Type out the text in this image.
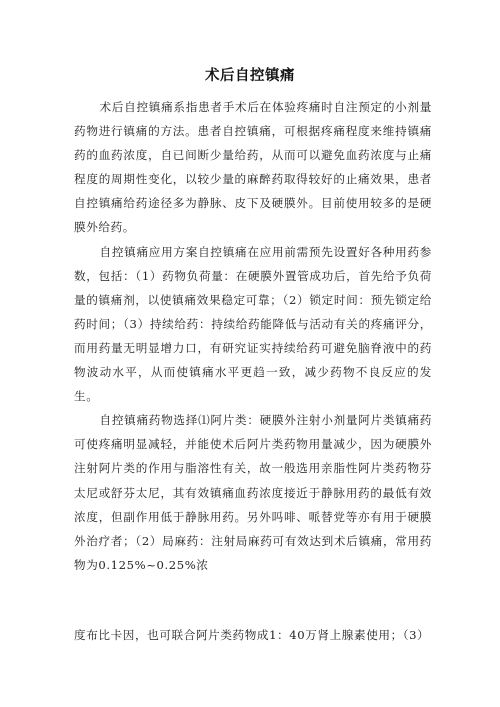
术后自控镇痛

术后自控镇痛系指患者手术后在体验疼痛时自注预定的小剂量药物进行镇痛的方法。患者自控镇痛，可根据疼痛程度来维持镇痛药的血药浓度，自已间断少量给药，从而可以避免血药浓度与止痛程度的周期性变化，以较少量的麻醉药取得较好的止痛效果，患者自控镇痛给药途径多为静脉、皮下及硬膜外。目前使用较多的是硬膜外给药。

自控镇痛应用方案自控镇痛在应用前需预先设置好各种用药参数，包括：（1）药物负荷量：在硬膜外置管成功后，首先给予负荷量的镇痛剂，以使镇痛效果稳定可靠；（2）锁定时间：预先锁定给药时间；（3）持续给药：持续给药能降低与活动有关的疼痛评分，而用药量无明显增力口，有研究证实持续给药可避免脑脊液中的药物波动水平，从而使镇痛水平更趋一致，减少药物不良反应的发生。

自控镇痛药物选择⑴阿片类：硬膜外注射小剂量阿片类镇痛药可使疼痛明显减轻，并能使术后阿片类药物用量减少，因为硬膜外注射阿片类的作用与脂溶性有关，故一般选用亲脂性阿片类药物芬太尼或舒芬太尼，其有效镇痛血药浓度接近于静脉用药的最低有效浓度，但副作用低于静脉用药。另外吗啡、哌替党等亦有用于硬膜外治疗者；（2）局麻药：注射局麻药可有效达到术后镇痛，常用药物为0.125%~0.25%浓

度布比卡因，也可联合阿片类药物成1：40万肾上腺素使用；（3）
